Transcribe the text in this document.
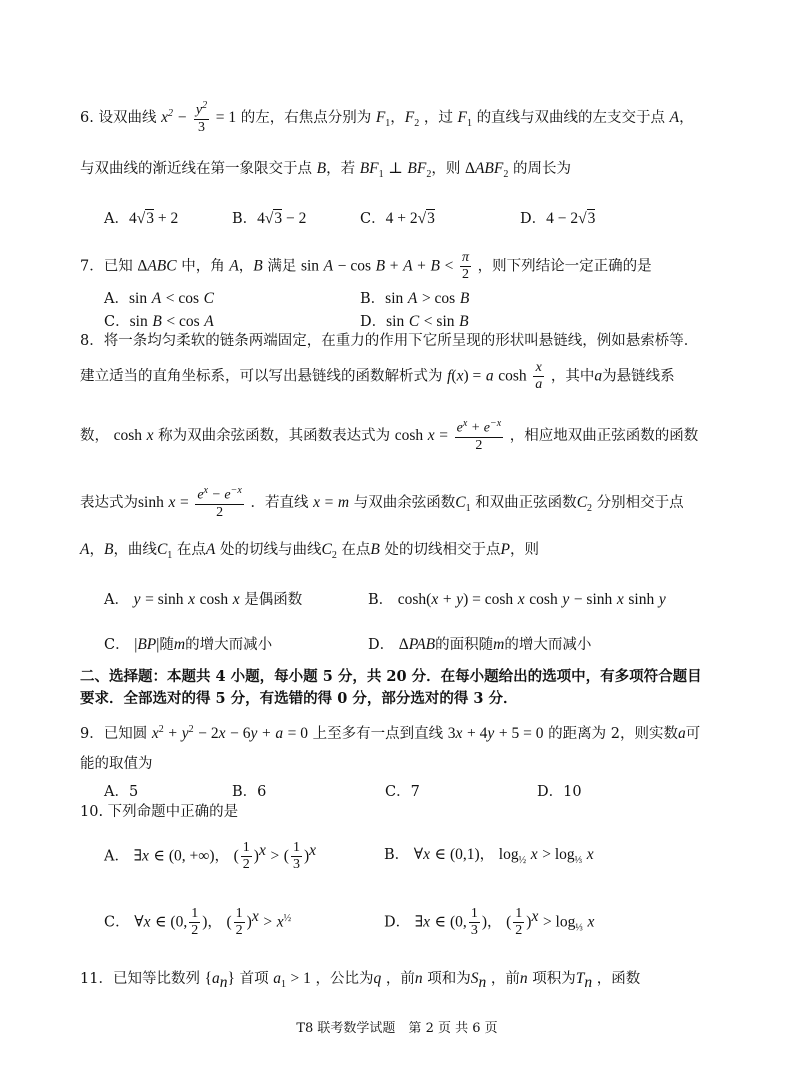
6. 设双曲线 $x^2 - \frac{y^2}{3} = 1$ 的左，右焦点分别为 $F_1$，$F_2$ ，过 $F_1$ 的直线与双曲线的左支交于点 A，
与双曲线的渐近线在第一象限交于点 B，若 $BF_1$ ⊥ $BF_2$，则 $\Delta ABF_2$ 的周长为
A．4√3 + 2	B．4√3 − 2	C．4 + 2√3	D．4 − 2√3
7．已知 ΔABC 中，角 A，B 满足 $\sin A - \cos B + A + B < \frac{\pi}{2}$ ，则下列结论一定正确的是
A．sin A < cos C	B．sin A > cos B
C．sin B < cos A	D．sin C < sin B
8．将一条均匀柔软的链条两端固定，在重力的作用下它所呈现的形状叫悬链线，例如悬索桥等．
建立适当的直角坐标系，可以写出悬链线的函数解析式为 f(x) = a $\cosh \frac{x}{a}$ ，其中a为悬链线系
数， cosh x 称为双曲余弦函数，其函数表达式为 $\cosh x = \frac{e^x + e^{-x}}{2}$ ，相应地双曲正弦函数的函数
表达式为$\sinh x = \frac{e^x - e^{-x}}{2}$ ．若直线 x = m 与双曲余弦函数$C_1$ 和双曲正弦函数$C_2$ 分别相交于点
A，B，曲线$C_1$ 在点A 处的切线与曲线$C_2$ 在点B 处的切线相交于点P，则
A． y = sinh x cosh x 是偶函数	B． cosh(x + y) = cosh x cosh y − sinh x sinh y
C． |BP|随m的增大而减小	D． ΔPAB的面积随m的增大而减小
二、选择题：本题共 4 小题，每小题 5 分，共 20 分．在每小题给出的选项中，有多项符合题目
要求．全部选对的得 5 分，有选错的得 0 分，部分选对的得 3 分．
9．已知圆 $x^2 + y^2 - 2x - 6y + a = 0$ 上至多有一点到直线 3x + 4y + 5 = 0 的距离为 2，则实数a可
能的取值为
A．5	B．6	C．7	D．10
10. 下列命题中正确的是
A． ∃x ∈ (0, +∞)， ( $\frac{1}{2} )^x$ > ( $\frac{1}{3} )^x$	B． ∀x ∈ (0,1)， $\log_{\frac{1}{2}} x > \log_{\frac{1}{3}} x$
C． ∀x ∈ (0, $\frac{1}{2}$ )， ( $\frac{1}{2} )^x > x^{\frac{1}{2}}$	D． ∃x ∈ (0, $\frac{1}{3}$ )， ( $\frac{1}{2} )^x > \log_{\frac{1}{3}} x$
11．已知等比数列 $\{a_n\}$ 首项 $a_1 > 1$ ，公比为q ，前n 项和为$S_n$ ，前n 项积为$T_n$ ，函数
T8 联考数学试题　第 2 页 共 6 页
